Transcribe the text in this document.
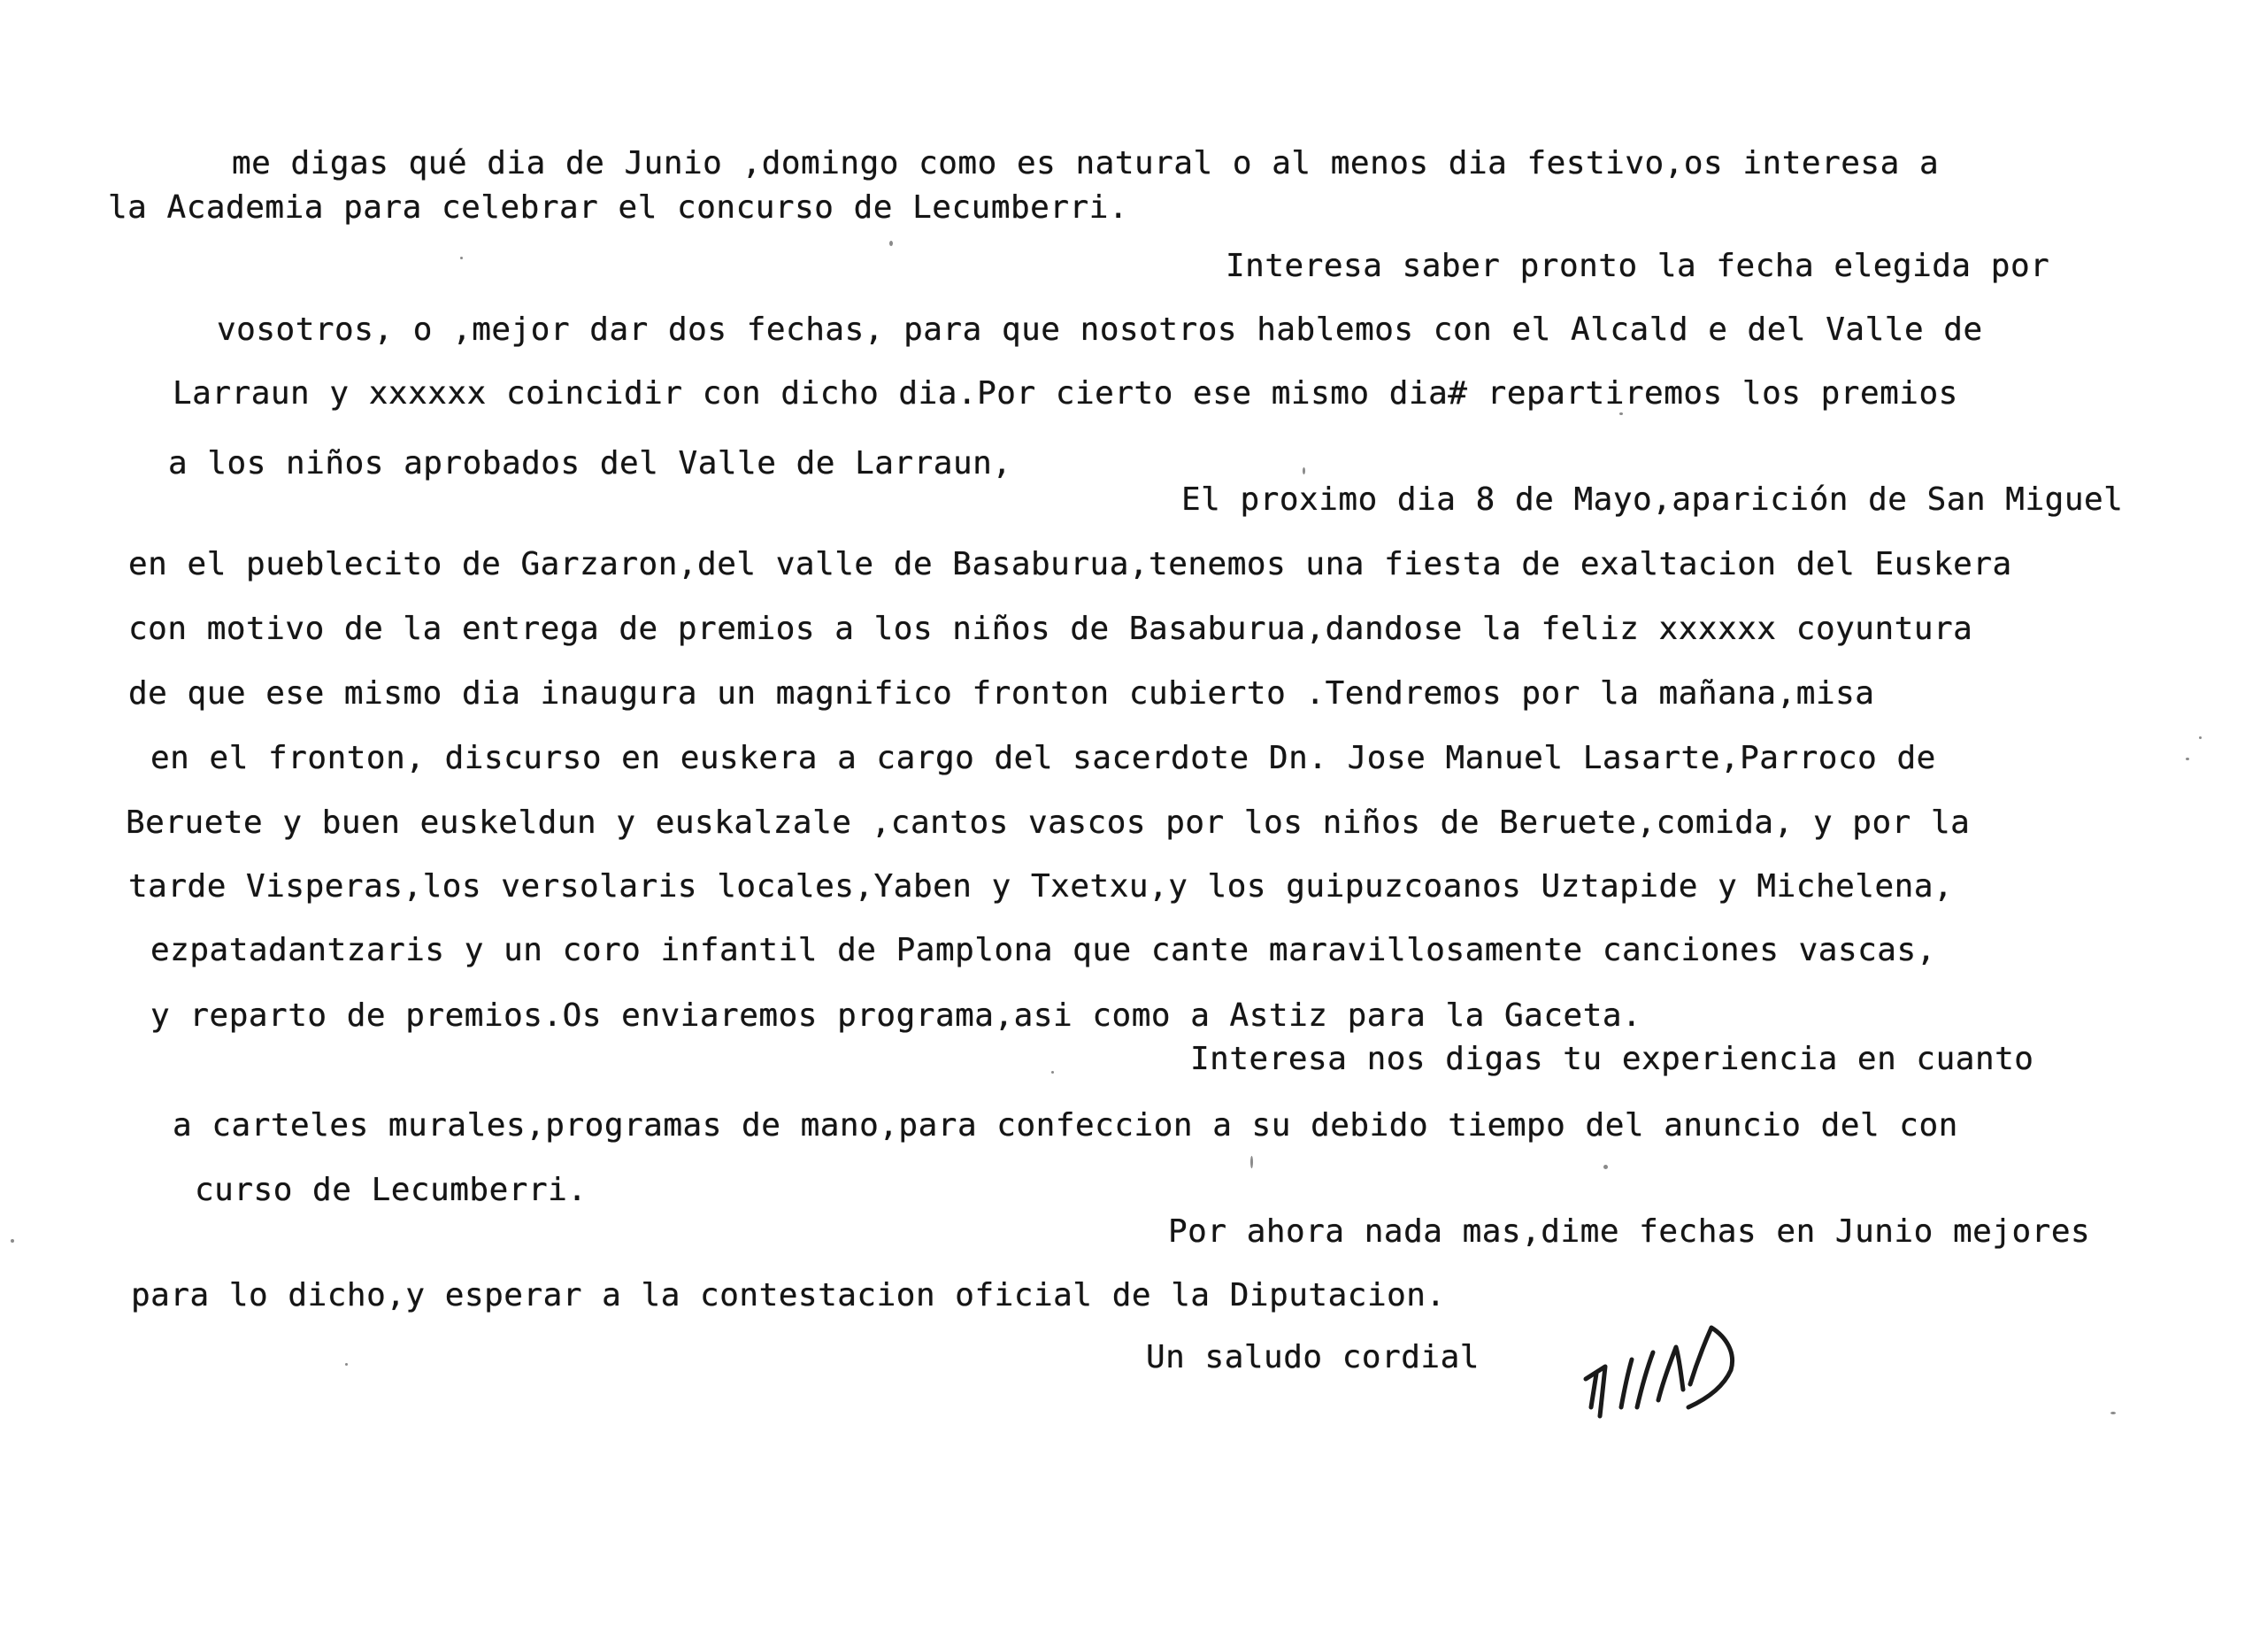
me digas qué dia de Junio ,domingo como es natural o al menos dia festivo,os interesa a
la Academia para celebrar el concurso de Lecumberri.
Interesa saber pronto la fecha elegida por
vosotros, o ,mejor dar dos fechas, para que nosotros hablemos con el Alcald e del Valle de
Larraun y xxxxxx coincidir con dicho dia.Por cierto ese mismo dia# repartiremos los premios
a los niños aprobados del Valle de Larraun,
El proximo dia 8 de Mayo,aparición de San Miguel
en el pueblecito de Garzaron,del valle de Basaburua,tenemos una fiesta de exaltacion del Euskera
con motivo de la entrega de premios a los niños de Basaburua,dandose la feliz xxxxxx coyuntura
de que ese mismo dia inaugura un magnifico fronton cubierto .Tendremos por la mañana,misa
en el fronton, discurso en euskera a cargo del sacerdote Dn. Jose Manuel Lasarte,Parroco de
Beruete y buen euskeldun y euskalzale ,cantos vascos por los niños de Beruete,comida, y por la
tarde Visperas,los versolaris locales,Yaben y Txetxu,y los guipuzcoanos Uztapide y Michelena,
ezpatadantzaris y un coro infantil de Pamplona que cante maravillosamente canciones vascas,
y reparto de premios.Os enviaremos programa,asi como a Astiz para la Gaceta.
Interesa nos digas tu experiencia en cuanto
a carteles murales,programas de mano,para confeccion a su debido tiempo del anuncio del con
curso de Lecumberri.
Por ahora nada mas,dime fechas en Junio mejores
para lo dicho,y esperar a la contestacion oficial de la Diputacion.
Un saludo cordial
